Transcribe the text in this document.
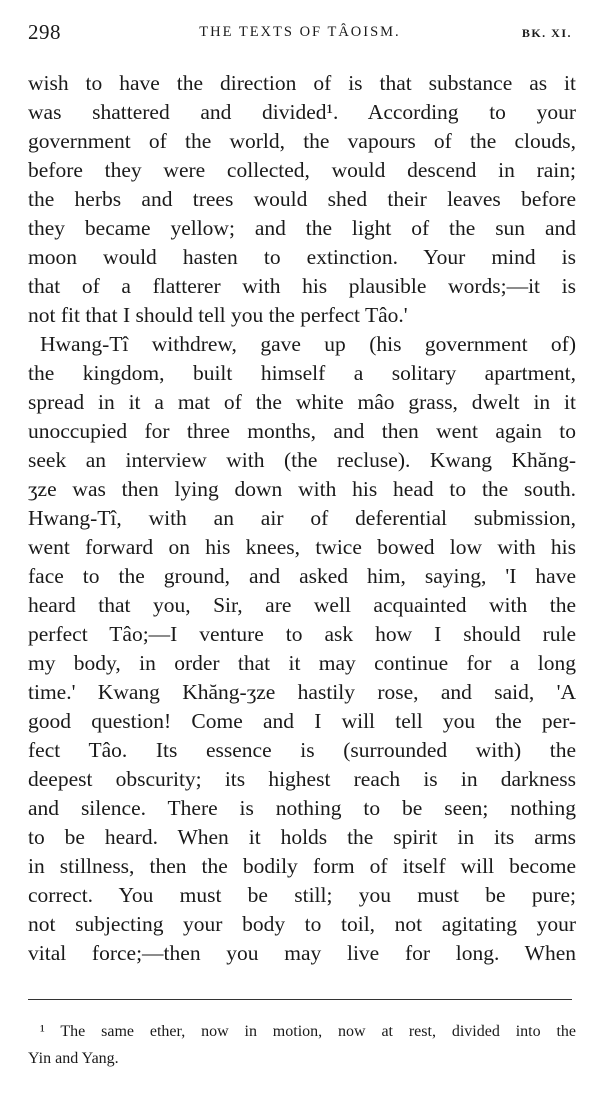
298	THE TEXTS OF TÂOISM.	BK. XI.
wish to have the direction of is that substance as it
was shattered and divided¹. According to your
government of the world, the vapours of the clouds,
before they were collected, would descend in rain;
the herbs and trees would shed their leaves before
they became yellow; and the light of the sun and
moon would hasten to extinction. Your mind is
that of a flatterer with his plausible words;—it is
not fit that I should tell you the perfect Tâo.'
Hwang-Tî withdrew, gave up (his government of)
the kingdom, built himself a solitary apartment,
spread in it a mat of the white mâo grass, dwelt in it
unoccupied for three months, and then went again to
seek an interview with (the recluse). Kwang Khăng-
ʒze was then lying down with his head to the south.
Hwang-Tî, with an air of deferential submission,
went forward on his knees, twice bowed low with his
face to the ground, and asked him, saying, 'I have
heard that you, Sir, are well acquainted with the
perfect Tâo;—I venture to ask how I should rule
my body, in order that it may continue for a long
time.' Kwang Khăng-ʒze hastily rose, and said, 'A
good question! Come and I will tell you the per-
fect Tâo. Its essence is (surrounded with) the
deepest obscurity; its highest reach is in darkness
and silence. There is nothing to be seen; nothing
to be heard. When it holds the spirit in its arms
in stillness, then the bodily form of itself will become
correct. You must be still; you must be pure;
not subjecting your body to toil, not agitating your
vital force;—then you may live for long. When
¹ The same ether, now in motion, now at rest, divided into the
Yin and Yang.
